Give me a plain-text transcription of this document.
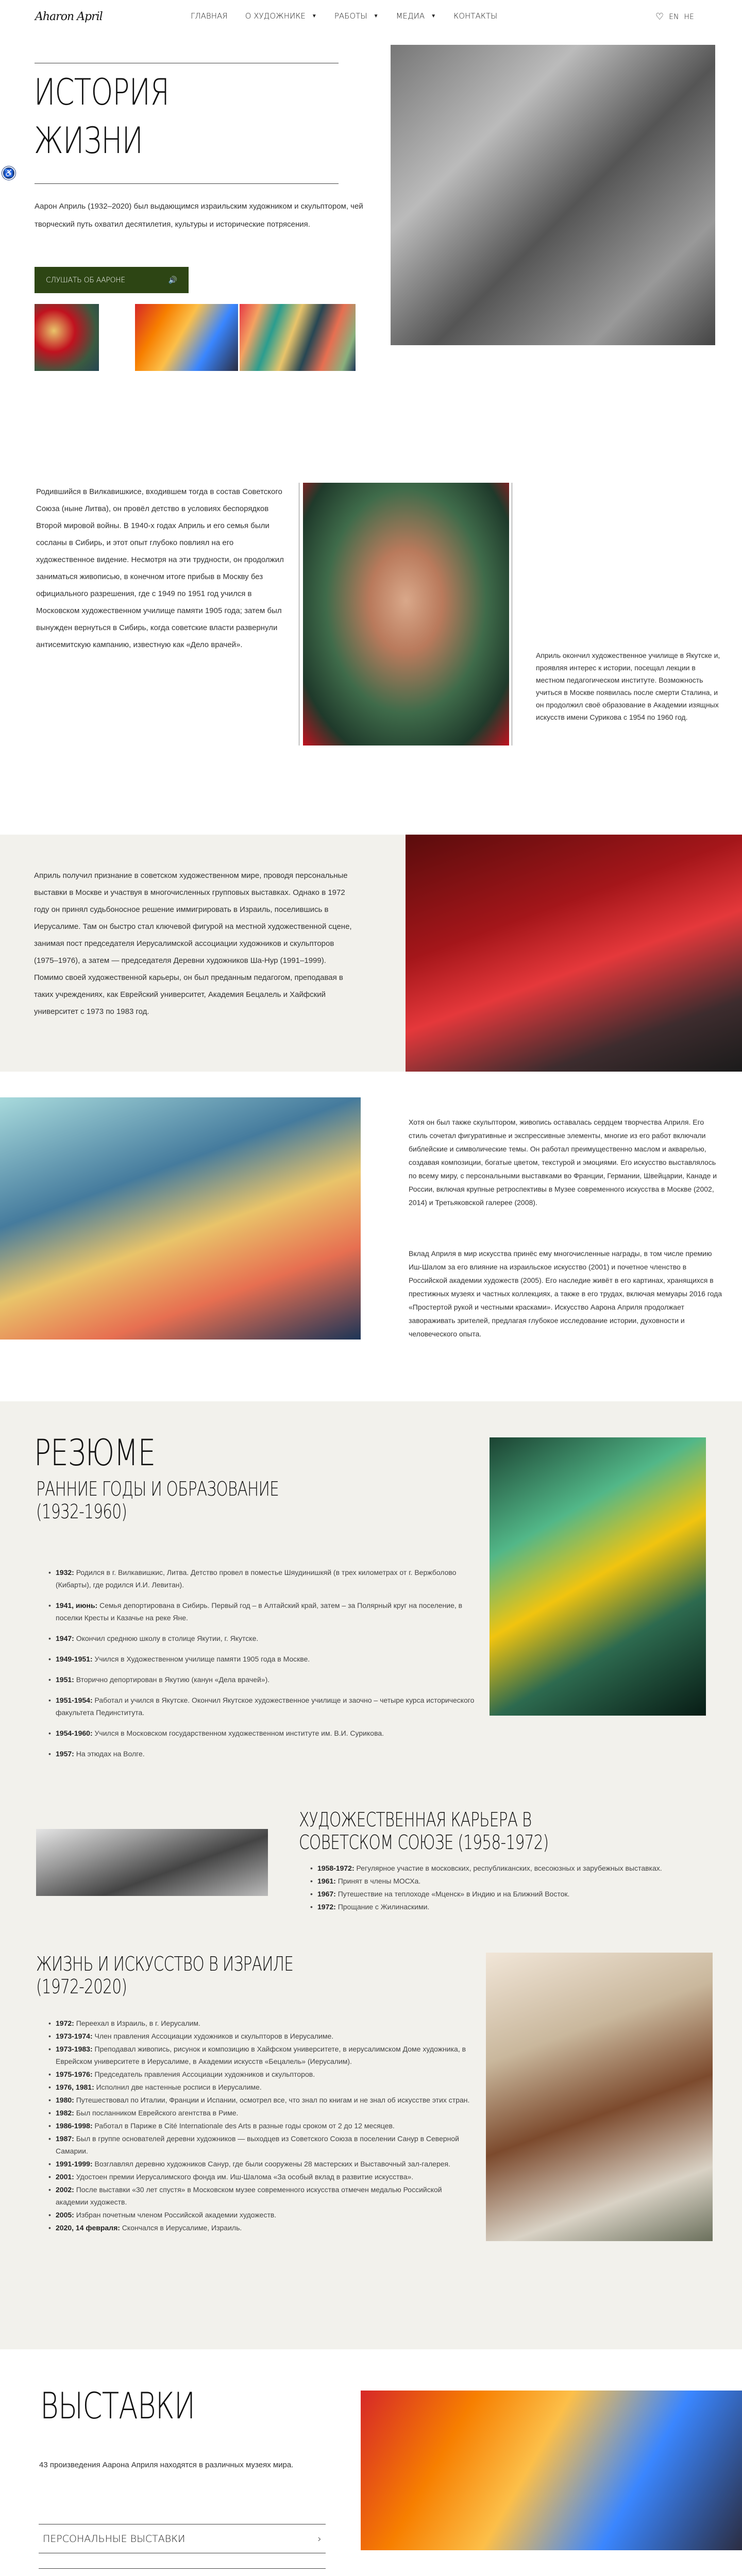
Aharon April	ГЛАВНАЯ О ХУДОЖНИКЕ ▼ РАБОТЫ ▼ МЕДИА ▼ КОНТАКТЫ	♡ EN HE
♿
ИСТОРИЯ
ЖИЗНИ

Аарон Априль (1932–2020) был выдающимся израильским художником и скульптором, чей творческий путь охватил десятилетия, культуры и исторические потрясения.

СЛУШАТЬ ОБ ААРОНЕ	🔊

Родившийся в Вилкавишкисе, входившем тогда в состав Советского Союза (ныне Литва), он провёл детство в условиях беспорядков Второй мировой войны. В 1940-х годах Априль и его семья были сосланы в Сибирь, и этот опыт глубоко повлиял на его художественное видение. Несмотря на эти трудности, он продолжил заниматься живописью, в конечном итоге прибыв в Москву без официального разрешения, где с 1949 по 1951 год учился в Московском художественном училище памяти 1905 года; затем был вынужден вернуться в Сибирь, когда советские власти развернули антисемитскую кампанию, известную как «Дело врачей».

Априль окончил художественное училище в Якутске и, проявляя интерес к истории, посещал лекции в местном педагогическом институте. Возможность учиться в Москве появилась после смерти Сталина, и он продолжил своё образование в Академии изящных искусств имени Сурикова с 1954 по 1960 год.

Априль получил признание в советском художественном мире, проводя персональные выставки в Москве и участвуя в многочисленных групповых выставках. Однако в 1972 году он принял судьбоносное решение иммигрировать в Израиль, поселившись в Иерусалиме. Там он быстро стал ключевой фигурой на местной художественной сцене, занимая пост председателя Иерусалимской ассоциации художников и скульпторов (1975–1976), а затем — председателя Деревни художников Ша-Нур (1991–1999). Помимо своей художественной карьеры, он был преданным педагогом, преподавая в таких учреждениях, как Еврейский университет, Академия Бецалель и Хайфский университет с 1973 по 1983 год.

Хотя он был также скульптором, живопись оставалась сердцем творчества Априля. Его стиль сочетал фигуративные и экспрессивные элементы, многие из его работ включали библейские и символические темы. Он работал преимущественно маслом и акварелью, создавая композиции, богатые цветом, текстурой и эмоциями. Его искусство выставлялось по всему миру, с персональными выставками во Франции, Германии, Швейцарии, Канаде и России, включая крупные ретроспективы в Музее современного искусства в Москве (2002, 2014) и Третьяковской галерее (2008).

Вклад Априля в мир искусства принёс ему многочисленные награды, в том числе премию Иш-Шалом за его влияние на израильское искусство (2001) и почетное членство в Российской академии художеств (2005). Его наследие живёт в его картинах, хранящихся в престижных музеях и частных коллекциях, а также в его трудах, включая мемуары 2016 года «Простертой рукой и честными красками». Искусство Аарона Априля продолжает завораживать зрителей, предлагая глубокое исследование истории, духовности и человеческого опыта.

РЕЗЮМЕ
РАННИЕ ГОДЫ И ОБРАЗОВАНИЕ
(1932-1960)
• 1932: Родился в г. Вилкавишкис, Литва. Детство провел в поместье Шяудинишкяй (в трех километрах от г. Вержболово (Кибарты), где родился И.И. Левитан).
• 1941, июнь: Семья депортирована в Сибирь. Первый год – в Алтайский край, затем – за Полярный круг на поселение, в поселки Кресты и Казачье на реке Яне.
• 1947: Окончил среднюю школу в столице Якутии, г. Якутске.
• 1949-1951: Учился в Художественном училище памяти 1905 года в Москве.
• 1951: Вторично депортирован в Якутию (канун «Дела врачей»).
• 1951-1954: Работал и учился в Якутске. Окончил Якутское художественное училище и заочно – четыре курса исторического факультета Пединститута.
• 1954-1960: Учился в Московском государственном художественном институте им. В.И. Сурикова.
• 1957: На этюдах на Волге.
ХУДОЖЕСТВЕННАЯ КАРЬЕРА В
СОВЕТСКОМ СОЮЗЕ (1958-1972)
• 1958-1972: Регулярное участие в московских, республиканских, всесоюзных и зарубежных выставках.
• 1961: Принят в члены МОСХа.
• 1967: Путешествие на теплоходе «Мценск» в Индию и на Ближний Восток.
• 1972: Прощание с Жилинаскими.
ЖИЗНЬ И ИСКУССТВО В ИЗРАИЛЕ
(1972-2020)
• 1972: Переехал в Израиль, в г. Иерусалим.
• 1973-1974: Член правления Ассоциации художников и скульпторов в Иерусалиме.
• 1973-1983: Преподавал живопись, рисунок и композицию в Хайфском университете, в иерусалимском Доме художника, в Еврейском университете в Иерусалиме, в Академии искусств «Бецалель» (Иерусалим).
• 1975-1976: Председатель правления Ассоциации художников и скульпторов.
• 1976, 1981: Исполнил две настенные росписи в Иерусалиме.
• 1980: Путешествовал по Италии, Франции и Испании, осмотрел все, что знал по книгам и не знал об искусстве этих стран.
• 1982: Был посланником Еврейского агентства в Риме.
• 1986-1998: Работал в Париже в Cité Internationale des Arts в разные годы сроком от 2 до 12 месяцев.
• 1987: Был в группе основателей деревни художников — выходцев из Советского Союза в поселении Санур в Северной Самарии.
• 1991-1999: Возглавлял деревню художников Санур, где были сооружены 28 мастерских и Выставочный зал-галерея.
• 2001: Удостоен премии Иерусалимского фонда им. Иш-Шалома «За особый вклад в развитие искусства».
• 2002: После выставки «30 лет спустя» в Московском музее современного искусства отмечен медалью Российской академии художеств.
• 2005: Избран почетным членом Российской академии художеств.
• 2020, 14 февраля: Скончался в Иерусалиме, Израиль.
ВЫСТАВКИ

43 произведения Аарона Априля находятся в различных музеях мира.

ПЕРСОНАЛЬНЫЕ ВЫСТАВКИ	›
